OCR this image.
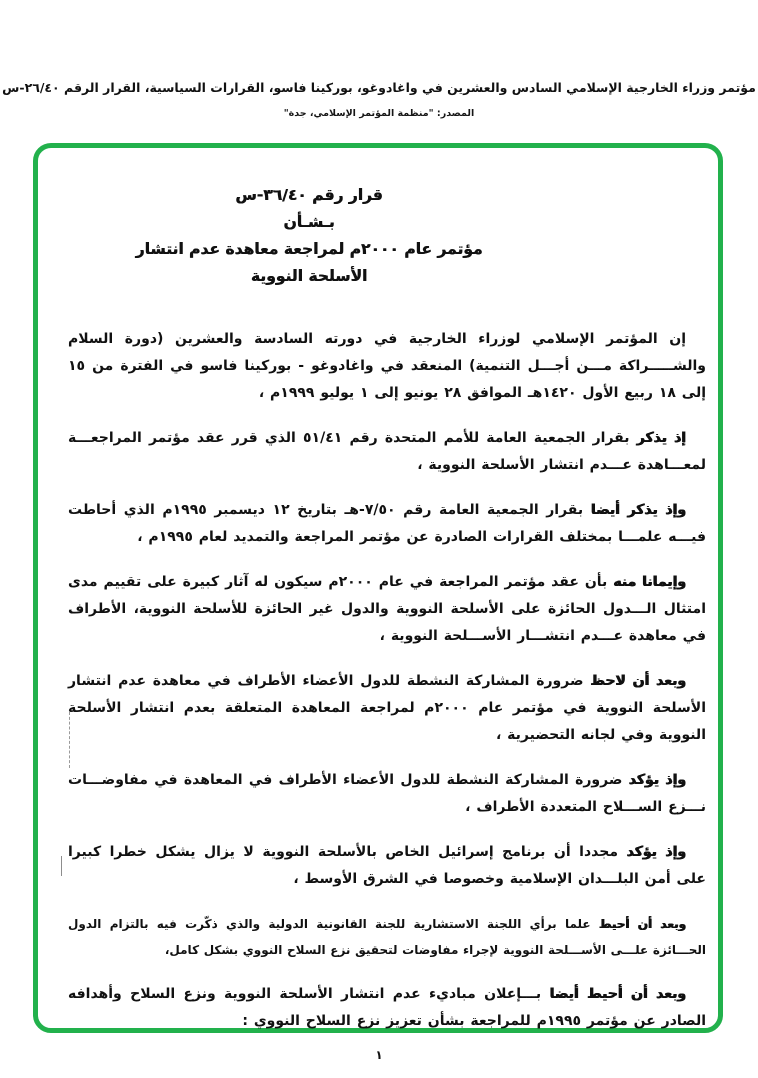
مؤتمر وزراء الخارجية الإسلامي السادس والعشرين في واغادوغو، بوركينا فاسو، القرارات السياسية، القرار الرقم ٢٦/٤٠-س
المصدر: "منظمة المؤتمر الإسلامي، جدة"
قرار رقم ٣٦/٤٠-س
بـشـأن
مؤتمر عام ٢٠٠٠م لمراجعة معاهدة عدم انتشار
الأسلحة النووية

إن المؤتمر الإسلامي لوزراء الخارجية في دورته السادسة والعشرين (دورة السلام والشـــــراكة مـــن أجـــل التنمية) المنعقد في واغادوغو - بوركينا فاسو في الفترة من ١٥ إلى ١٨ ربيع الأول ١٤٢٠هـ الموافق ٢٨ يونيو إلى ١ يوليو ١٩٩٩م ،

إذ يذكر بقرار الجمعية العامة للأمم المتحدة رقم ٥١/٤١ الذي قرر عقد مؤتمر المراجعـــة لمعـــاهدة عـــدم انتشار الأسلحة النووية ،

وإذ يذكر أيضا بقرار الجمعية العامة رقم ٧/٥٠-هـ بتاريخ ١٢ ديسمبر ١٩٩٥م الذي أحاطت فيـــه علمـــا بمختلف القرارات الصادرة عن مؤتمر المراجعة والتمديد لعام ١٩٩٥م ،

وإيمانا منه بأن عقد مؤتمر المراجعة في عام ٢٠٠٠م سيكون له آثار كبيرة على تقييم مدى امتثال الـــدول الحائزة على الأسلحة النووية والدول غير الحائزة للأسلحة النووية، الأطراف في معاهدة عـــدم انتشـــار الأســـلحة النووية ،

وبعد أن لاحظ ضرورة المشاركة النشطة للدول الأعضاء الأطراف في معاهدة عدم انتشار الأسلحة النووية في مؤتمر عام ٢٠٠٠م لمراجعة المعاهدة المتعلقة بعدم انتشار الأسلحة النووية وفي لجانه التحضيرية ،

وإذ يؤكد ضرورة المشاركة النشطة للدول الأعضاء الأطراف في المعاهدة في مفاوضـــات نـــزع الســـلاح المتعددة الأطراف ،

وإذ يؤكد مجددا أن برنامج إسرائيل الخاص بالأسلحة النووية لا يزال يشكل خطرا كبيرا على أمن البلـــدان الإسلامية وخصوصا في الشرق الأوسط ،

وبعد أن أحيط علما برأي اللجنة الاستشارية للجنة القانونية الدولية والذي ذكّرت فيه بالتزام الدول الحـــائزة علـــى الأســـلحة النووية لإجراء مفاوضات لتحقيق نزع السلاح النووي بشكل كامل،

وبعد أن أحيط أيضا بـــإعلان مباديء عدم انتشار الأسلحة النووية ونزع السلاح وأهدافه الصادر عن مؤتمر ١٩٩٥م للمراجعة بشأن تعزيز نزع السلاح النووي :

١
